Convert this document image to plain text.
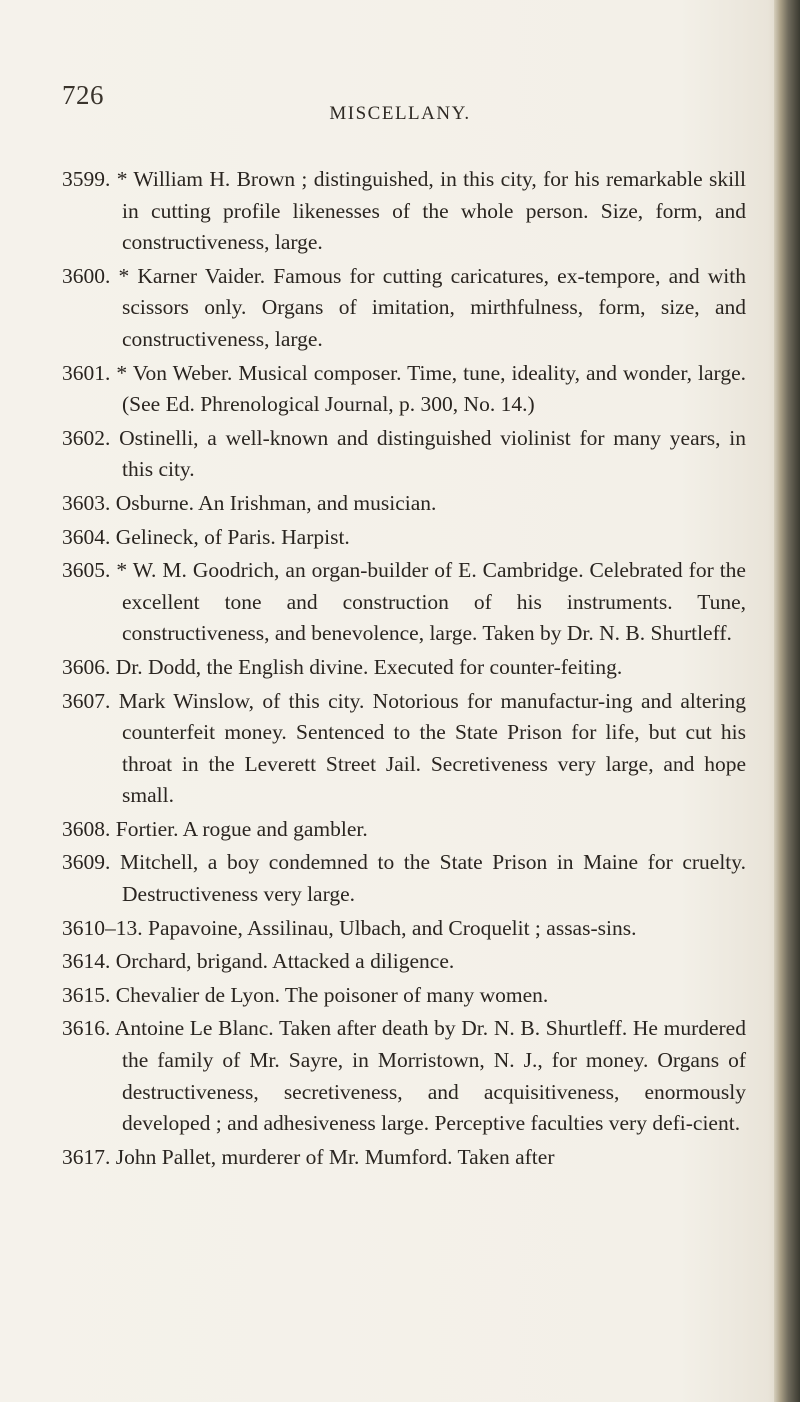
726
MISCELLANY.

3599. * William H. Brown ; distinguished, in this city, for his remarkable skill in cutting profile likenesses of the whole person. Size, form, and constructiveness, large.

3600. * Karner Vaider. Famous for cutting caricatures, ex-tempore, and with scissors only. Organs of imitation, mirthfulness, form, size, and constructiveness, large.

3601. * Von Weber. Musical composer. Time, tune, ideality, and wonder, large. (See Ed. Phrenological Journal, p. 300, No. 14.)

3602. Ostinelli, a well-known and distinguished violinist for many years, in this city.

3603. Osburne. An Irishman, and musician.

3604. Gelineck, of Paris. Harpist.

3605. * W. M. Goodrich, an organ-builder of E. Cambridge. Celebrated for the excellent tone and construction of his instruments. Tune, constructiveness, and benevolence, large. Taken by Dr. N. B. Shurtleff.

3606. Dr. Dodd, the English divine. Executed for counter-feiting.

3607. Mark Winslow, of this city. Notorious for manufactur-ing and altering counterfeit money. Sentenced to the State Prison for life, but cut his throat in the Leverett Street Jail. Secretiveness very large, and hope small.

3608. Fortier. A rogue and gambler.

3609. Mitchell, a boy condemned to the State Prison in Maine for cruelty. Destructiveness very large.

3610–13. Papavoine, Assilinau, Ulbach, and Croquelit ; assas-sins.

3614. Orchard, brigand. Attacked a diligence.

3615. Chevalier de Lyon. The poisoner of many women.

3616. Antoine Le Blanc. Taken after death by Dr. N. B. Shurtleff. He murdered the family of Mr. Sayre, in Morristown, N. J., for money. Organs of destructiveness, secretiveness, and acquisitiveness, enormously developed ; and adhesiveness large. Perceptive faculties very defi-cient.

3617. John Pallet, murderer of Mr. Mumford. Taken after
